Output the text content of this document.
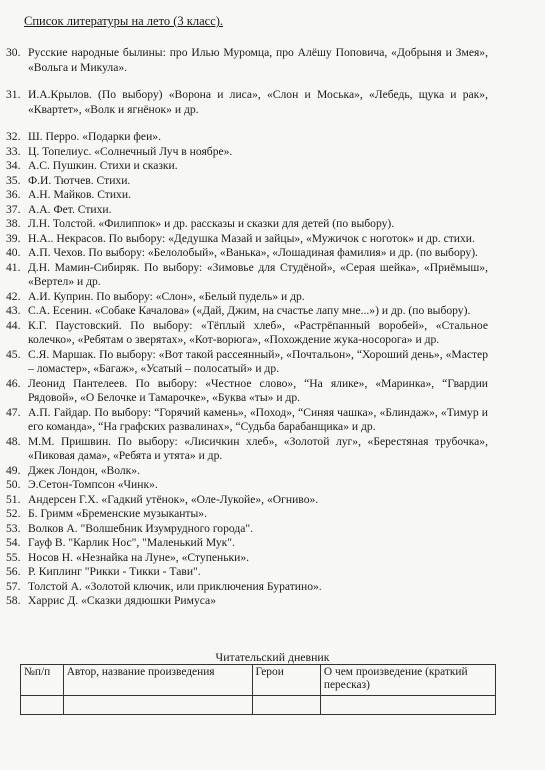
Список литературы на лето (3 класс).
30. Русские народные былины: про Илью Муромца, про Алёшу Поповича, «Добрыня и Змея», «Вольга и Микула».
31. И.А.Крылов. (По выбору) «Ворона и лиса», «Слон и Моська», «Лебедь, щука и рак», «Квартет», «Волк и ягнёнок» и др.
32. Ш. Перро. «Подарки феи».
33. Ц. Топелиус. «Солнечный Луч в ноябре».
34. А.С. Пушкин. Стихи и сказки.
35. Ф.И. Тютчев. Стихи.
36. А.Н. Майков. Стихи.
37. А.А. Фет. Стихи.
38. Л.Н. Толстой. «Филиппок» и др. рассказы и сказки для детей (по выбору).
39. Н.А.. Некрасов. По выбору: «Дедушка Мазай и зайцы», «Мужичок с ноготок» и др. стихи.
40. А.П. Чехов. По выбору: «Белолобый», «Ванька», «Лошадиная фамилия» и др. (по выбору).
41. Д.Н. Мамин-Сибиряк. По выбору: «Зимовье для Студёной», «Серая шейка», «Приёмыш», «Вертел» и др.
42. А.И. Куприн. По выбору: «Слон», «Белый пудель» и др.
43. С.А. Есенин. «Собаке Качалова» («Дай, Джим, на счастье лапу мне...») и др. (по выбору).
44. К.Г. Паустовский. По выбору: «Тёплый хлеб», «Растрёпанный воробей», «Стальное колечко», «Ребятам о зверятах», «Кот-ворюга», «Похождение жука-носорога» и др.
45. С.Я. Маршак. По выбору: «Вот такой рассеянный», «Почтальон», “Хороший день», «Мастер – ломастер», «Багаж», «Усатый – полосатый» и др.
46. Леонид Пантелеев. По выбору: «Честное слово», “На ялике», «Маринка», “Гвардии Рядовой», «О Белочке и Тамарочке», «Буква «ты» и др.
47. А.П. Гайдар. По выбору: “Горячий камень», «Поход», “Синяя чашка», «Блиндаж», «Тимур и его команда», “На графских развалинах», “Судьба барабанщика» и др.
48. М.М. Пришвин. По выбору: «Лисичкин хлеб», «Золотой луг», «Берестяная трубочка», «Пиковая дама», «Ребята и утята» и др.
49. Джек Лондон, «Волк».
50. Э.Сетон-Томпсон «Чинк».
51. Андерсен Г.Х. «Гадкий утёнок», «Оле-Лукойе», «Огниво».
52. Б. Гримм «Бременские музыканты».
53. Волков А. "Волшебник Изумрудного города".
54. Гауф В. "Карлик Нос", "Маленький Мук".
55. Носов Н. «Незнайка на Луне», «Ступеньки».
56. Р. Киплинг "Рикки - Тикки - Тави".
57. Толстой А. «Золотой ключик, или приключения Буратино».
58. Харрис Д. «Сказки дядюшки Римуса»
Читательский дневник
№п/п	Автор, название произведения	Герои	О чем произведение (краткий пересказ)
